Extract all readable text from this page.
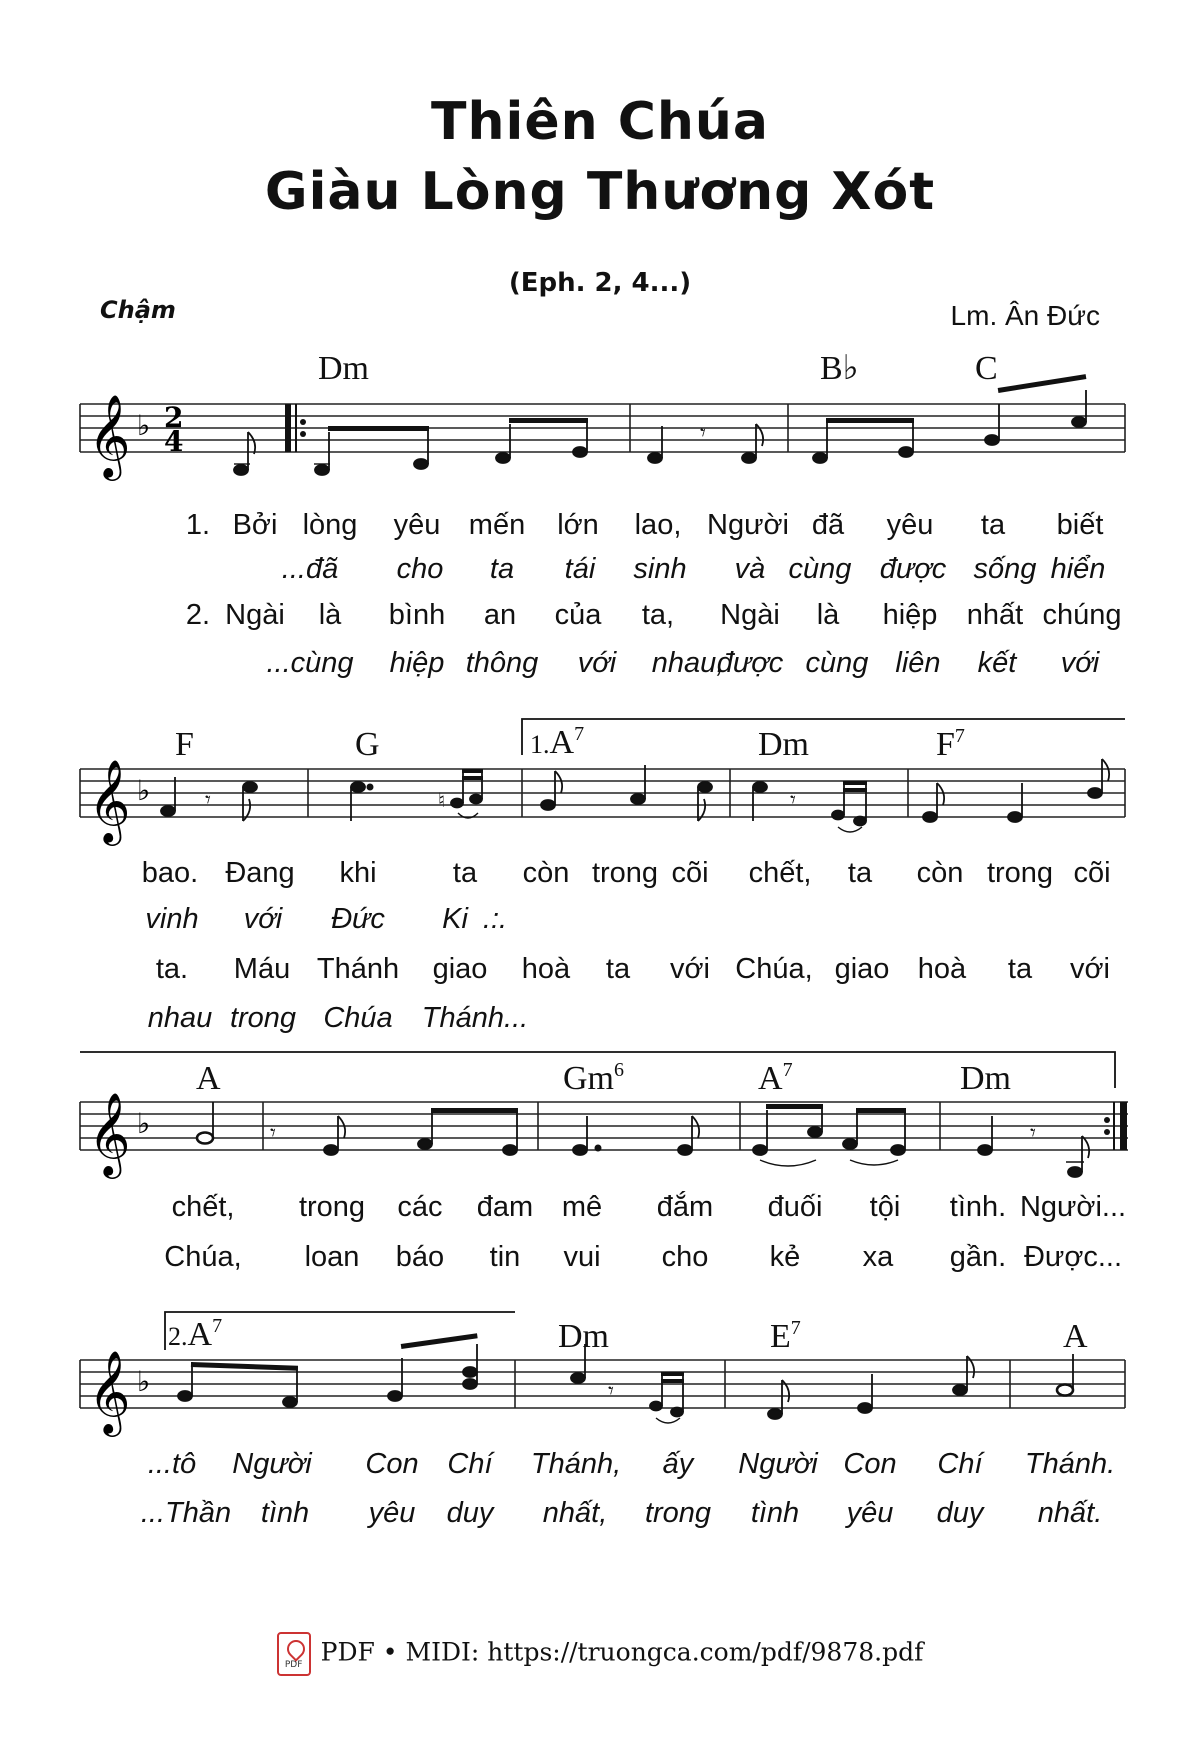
Thiên Chúa
Giàu Lòng Thương Xót
(Eph. 2, 4...)
Chậm	Lm. Ân Đức
Dm	B♭	C
𝄞 ♭ 2
4	𝄾
1. Bởi lòng yêu mến lớn lao, Người đã yêu ta biết
...đã cho ta tái sinh và cùng được sống hiển
2. Ngài là bình an của ta, Ngài là hiệp nhất chúng
...cùng hiệp thông với nhau,
được cùng liên kết với
F	G	$1.A^7$	Dm	$F^7$
𝄞 ♭ 𝄾	♮	𝄾
bao. Đang khi	ta còn trong cõi chết, ta còn trong cõi
vinh với Đức Ki .:.
ta. Máu Thánh giao hoà ta với Chúa, giao hoà ta với
nhau trong Chúa Thánh...
A	Gm$^6$	$A^7$	Dm
𝄞 ♭	𝄾	𝄾
chết, trong các đam mê đắm đuối tội tình. Người...
Chúa, loan báo tin vui cho kẻ xa gần. Được...
$2.A^7$	Dm	$E^7$	A
𝄞 ♭	𝄾
...tô Người Con Chí Thánh, ấy Người Con Chí Thánh.
...Thần tình yêu duy nhất, trong tình yêu duy nhất.
PDF PDF • MIDI: https://truongca.com/pdf/9878.pdf
